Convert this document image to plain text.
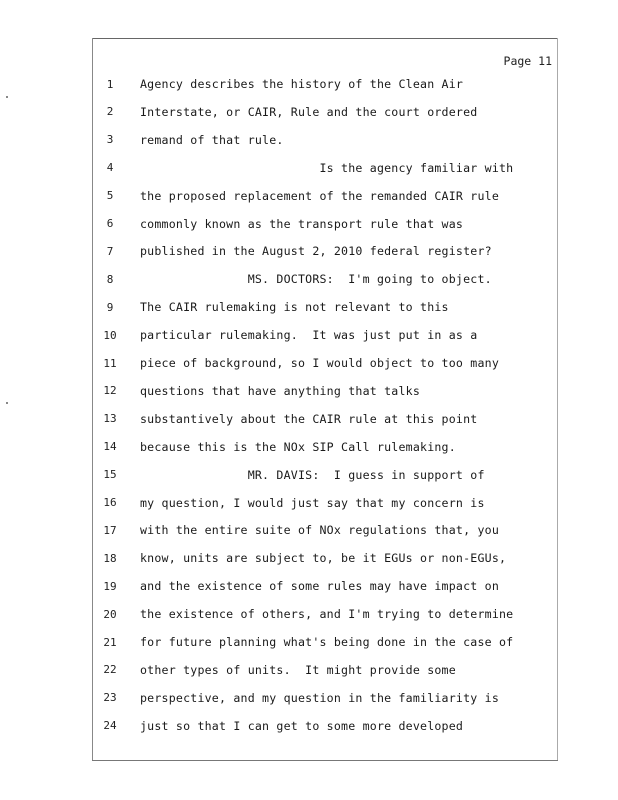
Page 11
1	Agency describes the history of the Clean Air
2	Interstate, or CAIR, Rule and the court ordered
3	remand of that rule.
4	Is the agency familiar with
5	the proposed replacement of the remanded CAIR rule
6	commonly known as the transport rule that was
7	published in the August 2, 2010 federal register?
8	MS. DOCTORS:  I'm going to object.
9	The CAIR rulemaking is not relevant to this
10	particular rulemaking.  It was just put in as a
11	piece of background, so I would object to too many
12	questions that have anything that talks
13	substantively about the CAIR rule at this point
14	because this is the NOx SIP Call rulemaking.
15	MR. DAVIS:  I guess in support of
16	my question, I would just say that my concern is
17	with the entire suite of NOx regulations that, you
18	know, units are subject to, be it EGUs or non-EGUs,
19	and the existence of some rules may have impact on
20	the existence of others, and I'm trying to determine
21	for future planning what's being done in the case of
22	other types of units.  It might provide some
23	perspective, and my question in the familiarity is
24	just so that I can get to some more developed
